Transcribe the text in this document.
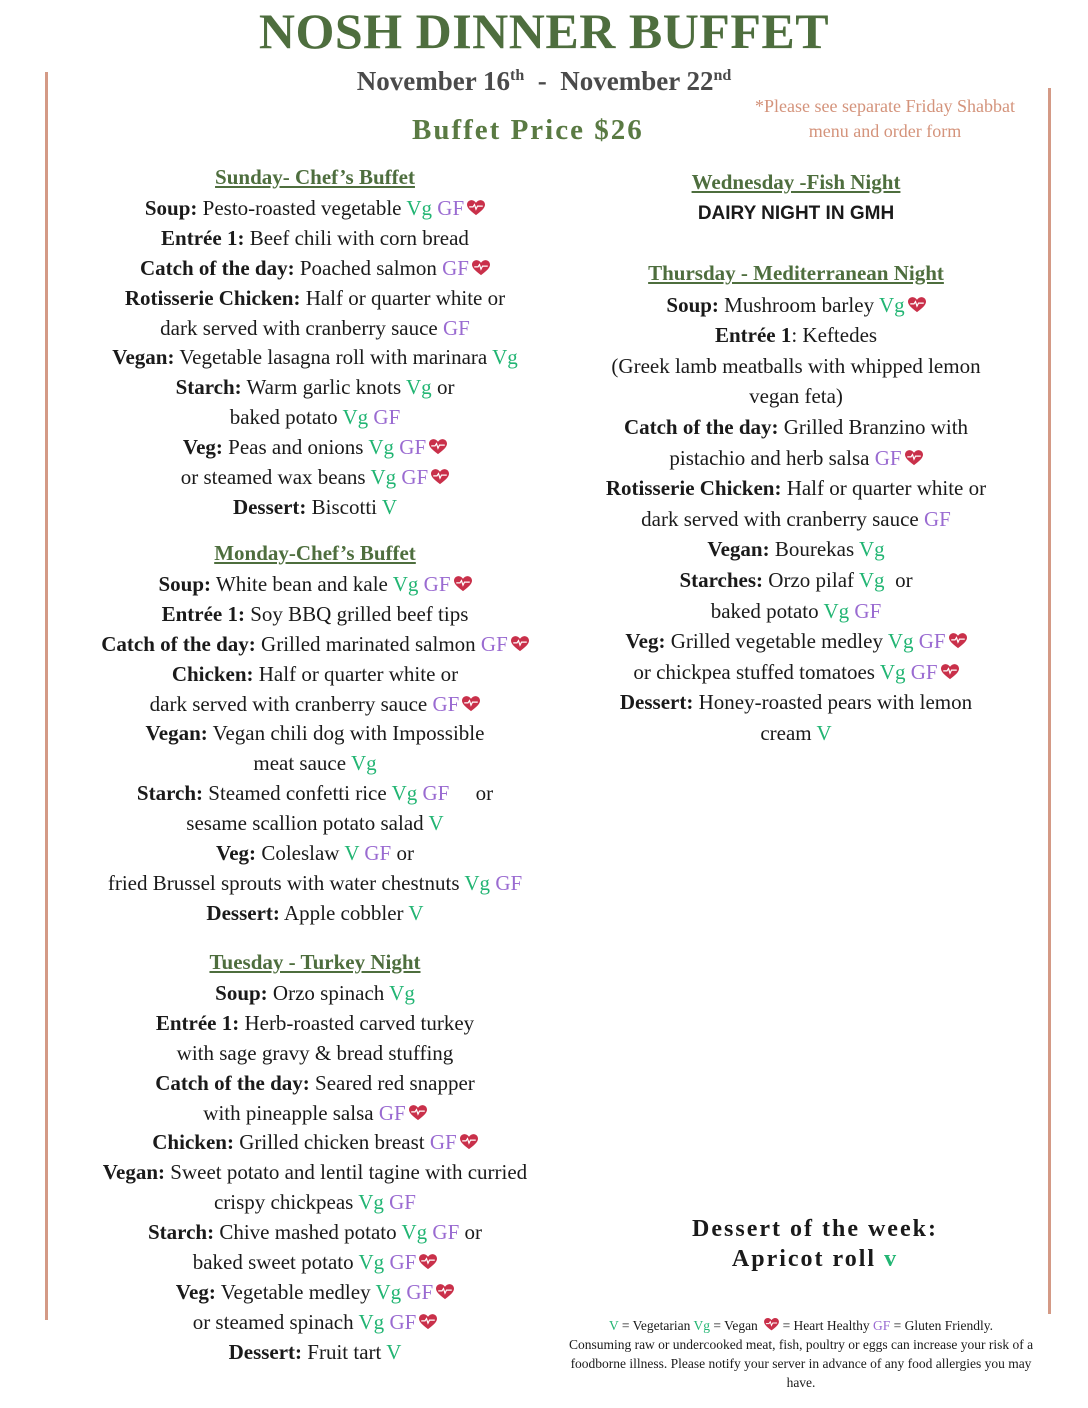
NOSH DINNER BUFFET
November 16th - November 22nd
Buffet Price $26
*Please see separate Friday Shabbat menu and order form
Sunday- Chef’s Buffet
Soup: Pesto-roasted vegetable Vg GF
Entrée 1: Beef chili with corn bread
Catch of the day: Poached salmon GF
Rotisserie Chicken: Half or quarter white or
dark served with cranberry sauce GF
Vegan: Vegetable lasagna roll with marinara Vg
Starch: Warm garlic knots Vg or
baked potato Vg GF
Veg: Peas and onions Vg GF
or steamed wax beans Vg GF
Dessert: Biscotti V
Monday-Chef’s Buffet
Soup: White bean and kale Vg GF
Entrée 1: Soy BBQ grilled beef tips
Catch of the day: Grilled marinated salmon GF
Chicken: Half or quarter white or
dark served with cranberry sauce GF
Vegan: Vegan chili dog with Impossible
meat sauce Vg
Starch: Steamed confetti rice Vg GF     or
sesame scallion potato salad V
Veg: Coleslaw V GF or
fried Brussel sprouts with water chestnuts Vg GF
Dessert: Apple cobbler V
Tuesday - Turkey Night
Soup: Orzo spinach Vg
Entrée 1: Herb-roasted carved turkey
with sage gravy & bread stuffing
Catch of the day: Seared red snapper
with pineapple salsa GF
Chicken: Grilled chicken breast GF
Vegan: Sweet potato and lentil tagine with curried
crispy chickpeas Vg GF
Starch: Chive mashed potato Vg GF or
baked sweet potato Vg GF
Veg: Vegetable medley Vg GF
or steamed spinach Vg GF
Dessert: Fruit tart V
Wednesday -Fish Night
DAIRY NIGHT IN GMH
Thursday - Mediterranean Night
Soup: Mushroom barley Vg
Entrée 1: Keftedes
(Greek lamb meatballs with whipped lemon
vegan feta)
Catch of the day: Grilled Branzino with
pistachio and herb salsa GF
Rotisserie Chicken: Half or quarter white or
dark served with cranberry sauce GF
Vegan: Bourekas Vg
Starches: Orzo pilaf Vg  or
baked potato Vg GF
Veg: Grilled vegetable medley Vg GF
or chickpea stuffed tomatoes Vg GF
Dessert: Honey-roasted pears with lemon
cream V
Dessert of the week:
Apricot roll v
V = Vegetarian Vg = Vegan  = Heart Healthy GF = Gluten Friendly.
Consuming raw or undercooked meat, fish, poultry or eggs can increase your risk of a foodborne illness. Please notify your server in advance of any food allergies you may have.
